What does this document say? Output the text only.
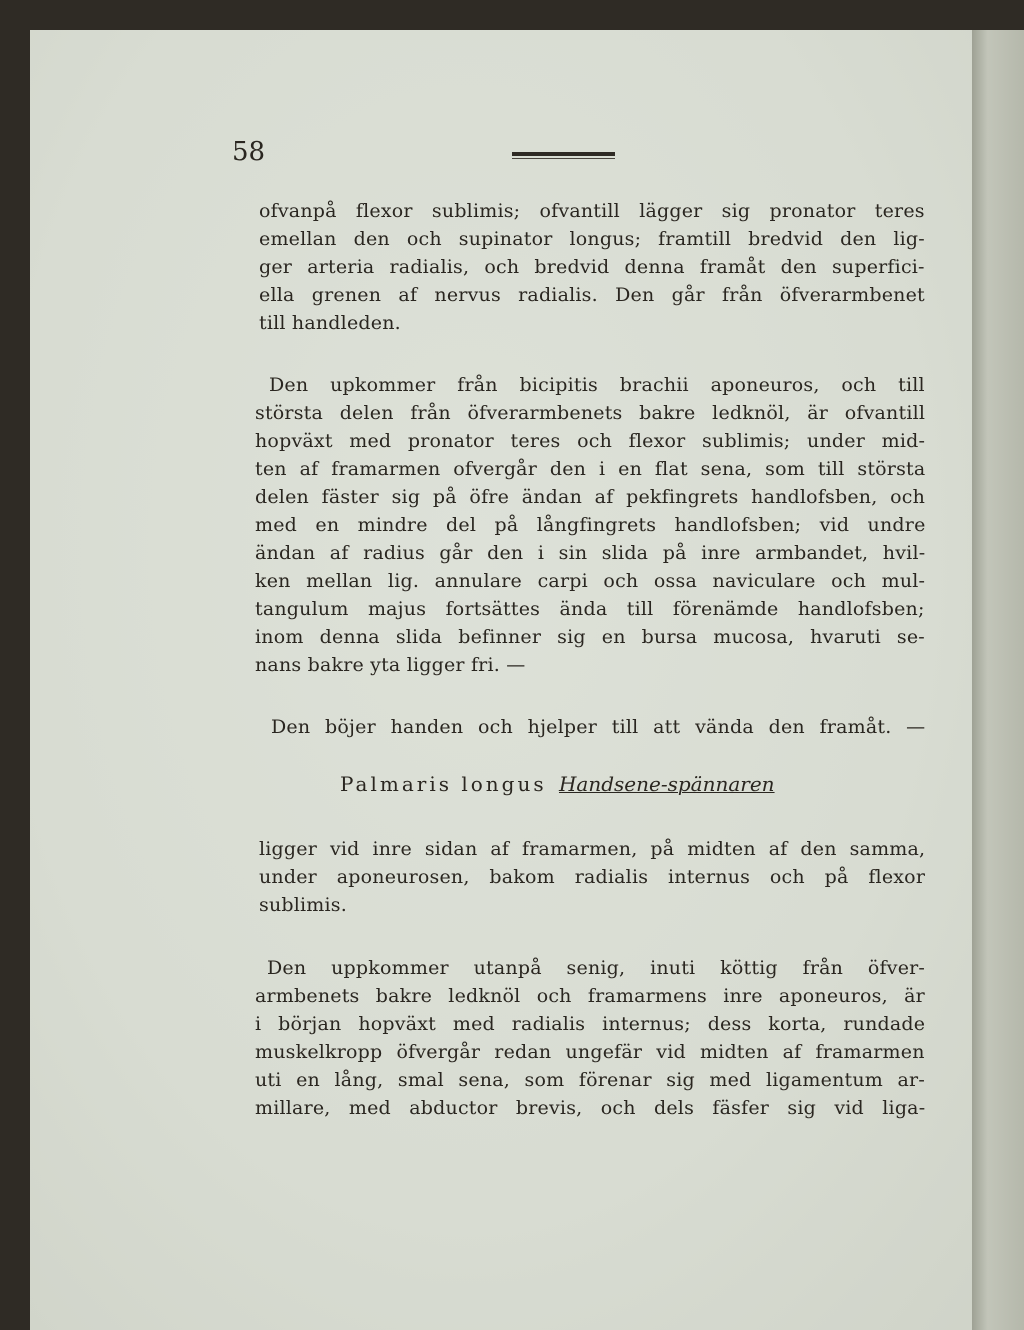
58
ofvanpå flexor sublimis; ofvantill lägger sig pronator teres
emellan den och supinator longus; framtill bredvid den lig-
ger arteria radialis, och bredvid denna framåt den superfici-
ella grenen af nervus radialis. Den går från öfverarmbenet
till handleden.
Den upkommer från bicipitis brachii aponeuros, och till
största delen från öfverarmbenets bakre ledknöl, är ofvantill
hopväxt med pronator teres och flexor sublimis; under mid-
ten af framarmen ofvergår den i en flat sena, som till största
delen fäster sig på öfre ändan af pekfingrets handlofsben, och
med en mindre del på långfingrets handlofsben; vid undre
ändan af radius går den i sin slida på inre armbandet, hvil-
ken mellan lig. annulare carpi och ossa naviculare och mul-
tangulum majus fortsättes ända till förenämde handlofsben;
inom denna slida befinner sig en bursa mucosa, hvaruti se-
nans bakre yta ligger fri. —
Den böjer handen och hjelper till att vända den framåt. —
Palmaris longus Handsene-spännaren
ligger vid inre sidan af framarmen, på midten af den samma,
under aponeurosen, bakom radialis internus och på flexor
sublimis.
Den uppkommer utanpå senig, inuti köttig från öfver-
armbenets bakre ledknöl och framarmens inre aponeuros, är
i början hopväxt med radialis internus; dess korta, rundade
muskelkropp öfvergår redan ungefär vid midten af framarmen
uti en lång, smal sena, som förenar sig med ligamentum ar-
millare, med abductor brevis, och dels fäsfer sig vid liga-
